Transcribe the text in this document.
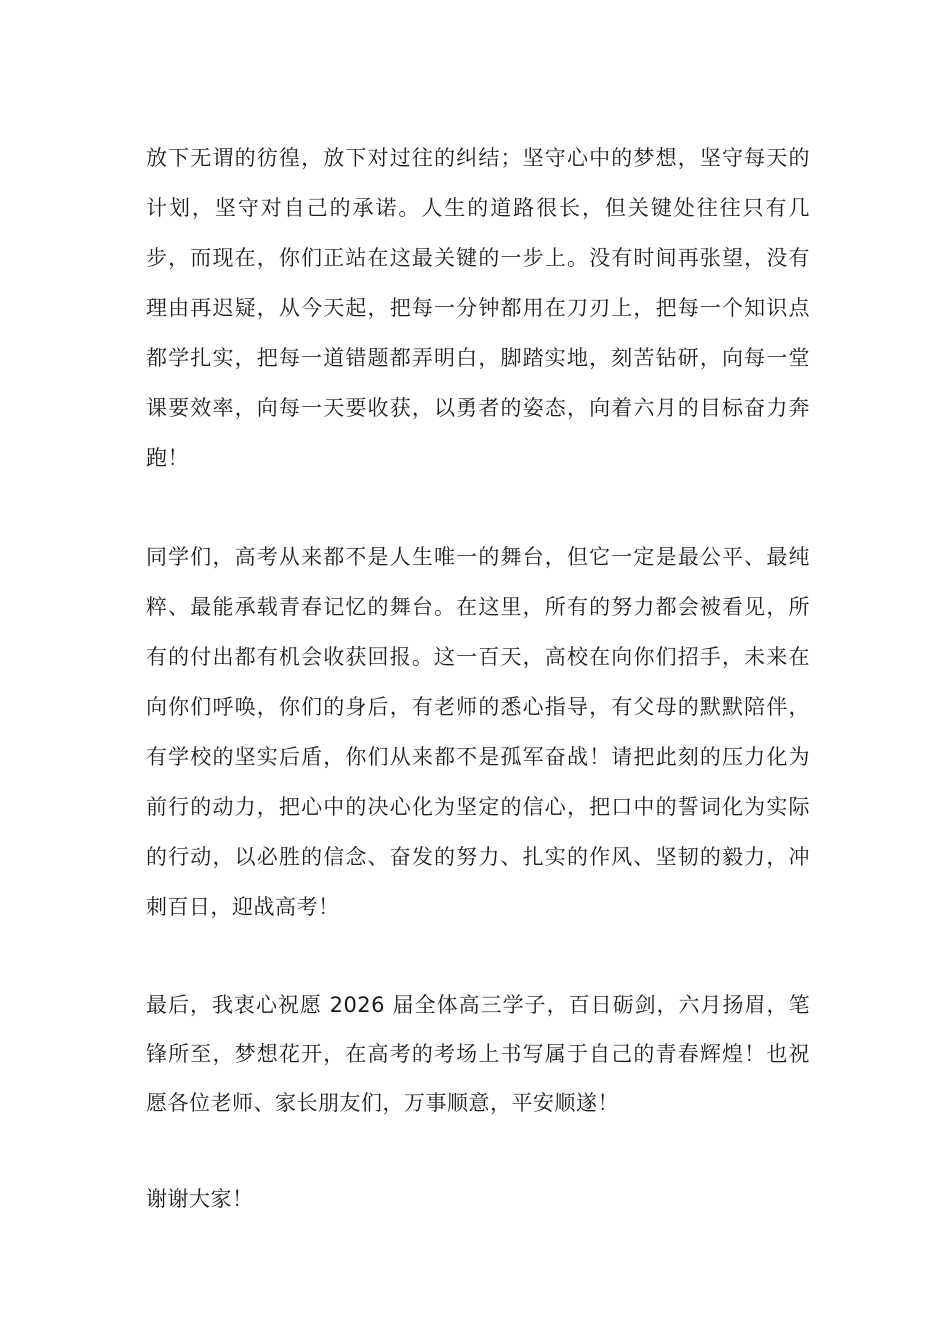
放下无谓的彷徨，放下对过往的纠结；坚守心中的梦想，坚守每天的计划，坚守对自己的承诺。人生的道路很长，但关键处往往只有几步，而现在，你们正站在这最关键的一步上。没有时间再张望，没有理由再迟疑，从今天起，把每一分钟都用在刀刃上，把每一个知识点都学扎实，把每一道错题都弄明白，脚踏实地，刻苦钻研，向每一堂课要效率，向每一天要收获，以勇者的姿态，向着六月的目标奋力奔跑！

同学们，高考从来都不是人生唯一的舞台，但它一定是最公平、最纯粹、最能承载青春记忆的舞台。在这里，所有的努力都会被看见，所有的付出都有机会收获回报。这一百天，高校在向你们招手，未来在向你们呼唤，你们的身后，有老师的悉心指导，有父母的默默陪伴，有学校的坚实后盾，你们从来都不是孤军奋战！请把此刻的压力化为前行的动力，把心中的决心化为坚定的信心，把口中的誓词化为实际的行动，以必胜的信念、奋发的努力、扎实的作风、坚韧的毅力，冲刺百日，迎战高考！

最后，我衷心祝愿 2026 届全体高三学子，百日砺剑，六月扬眉，笔锋所至，梦想花开，在高考的考场上书写属于自己的青春辉煌！也祝愿各位老师、家长朋友们，万事顺意，平安顺遂！

谢谢大家！
